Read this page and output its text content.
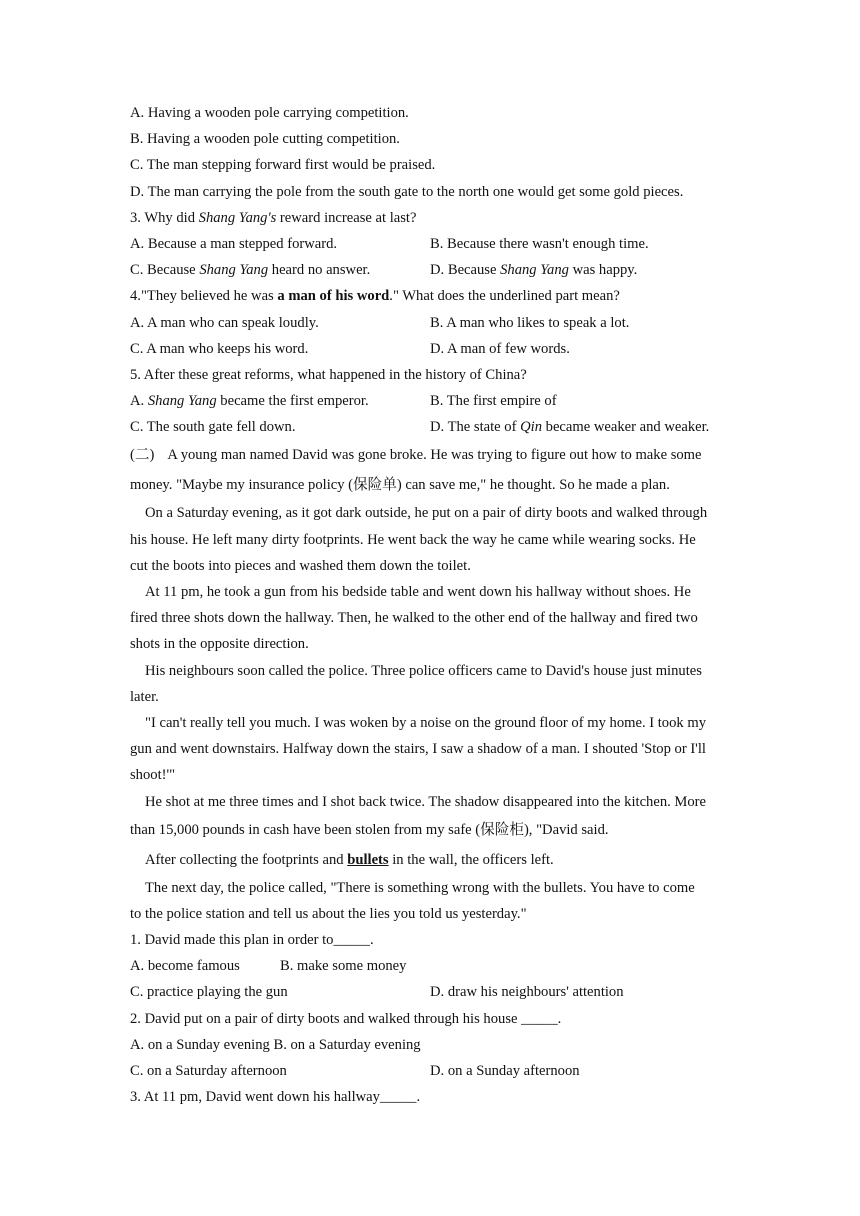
A. Having a wooden pole carrying competition.
B. Having a wooden pole cutting competition.
C. The man stepping forward first would be praised.
D. The man carrying the pole from the south gate to the north one would get some gold pieces.
3. Why did Shang Yang's reward increase at last?
A. Because a man stepped forward.	B. Because there wasn't enough time.
C. Because Shang Yang heard no answer.	D. Because Shang Yang was happy.
4."They believed he was a man of his word." What does the underlined part mean?
A. A man who can speak loudly.	B. A man who likes to speak a lot.
C. A man who keeps his word.	D. A man of few words.
5. After these great reforms, what happened in the history of China?
A. Shang Yang became the first emperor.	B. The first empire of
C. The south gate fell down.	D. The state of Qin became weaker and weaker.
(二) A young man named David was gone broke. He was trying to figure out how to make some
money. "Maybe my insurance policy (保险单) can save me," he thought. So he made a plan.
On a Saturday evening, as it got dark outside, he put on a pair of dirty boots and walked through
his house. He left many dirty footprints. He went back the way he came while wearing socks. He
cut the boots into pieces and washed them down the toilet.
At 11 pm, he took a gun from his bedside table and went down his hallway without shoes. He
fired three shots down the hallway. Then, he walked to the other end of the hallway and fired two
shots in the opposite direction.
His neighbours soon called the police. Three police officers came to David's house just minutes
later.
"I can't really tell you much. I was woken by a noise on the ground floor of my home. I took my
gun and went downstairs. Halfway down the stairs, I saw a shadow of a man. I shouted 'Stop or I'll
shoot!'"
He shot at me three times and I shot back twice. The shadow disappeared into the kitchen. More
than 15,000 pounds in cash have been stolen from my safe (保险柜), "David said.
After collecting the footprints and bullets in the wall, the officers left.
The next day, the police called, "There is something wrong with the bullets. You have to come
to the police station and tell us about the lies you told us yesterday."
1. David made this plan in order to_____.
A. become famous	B. make some money
C. practice playing the gun	D. draw his neighbours' attention
2. David put on a pair of dirty boots and walked through his house _____.
A. on a Sunday evening B. on a Saturday evening
C. on a Saturday afternoon	D. on a Sunday afternoon
3. At 11 pm, David went down his hallway_____.
